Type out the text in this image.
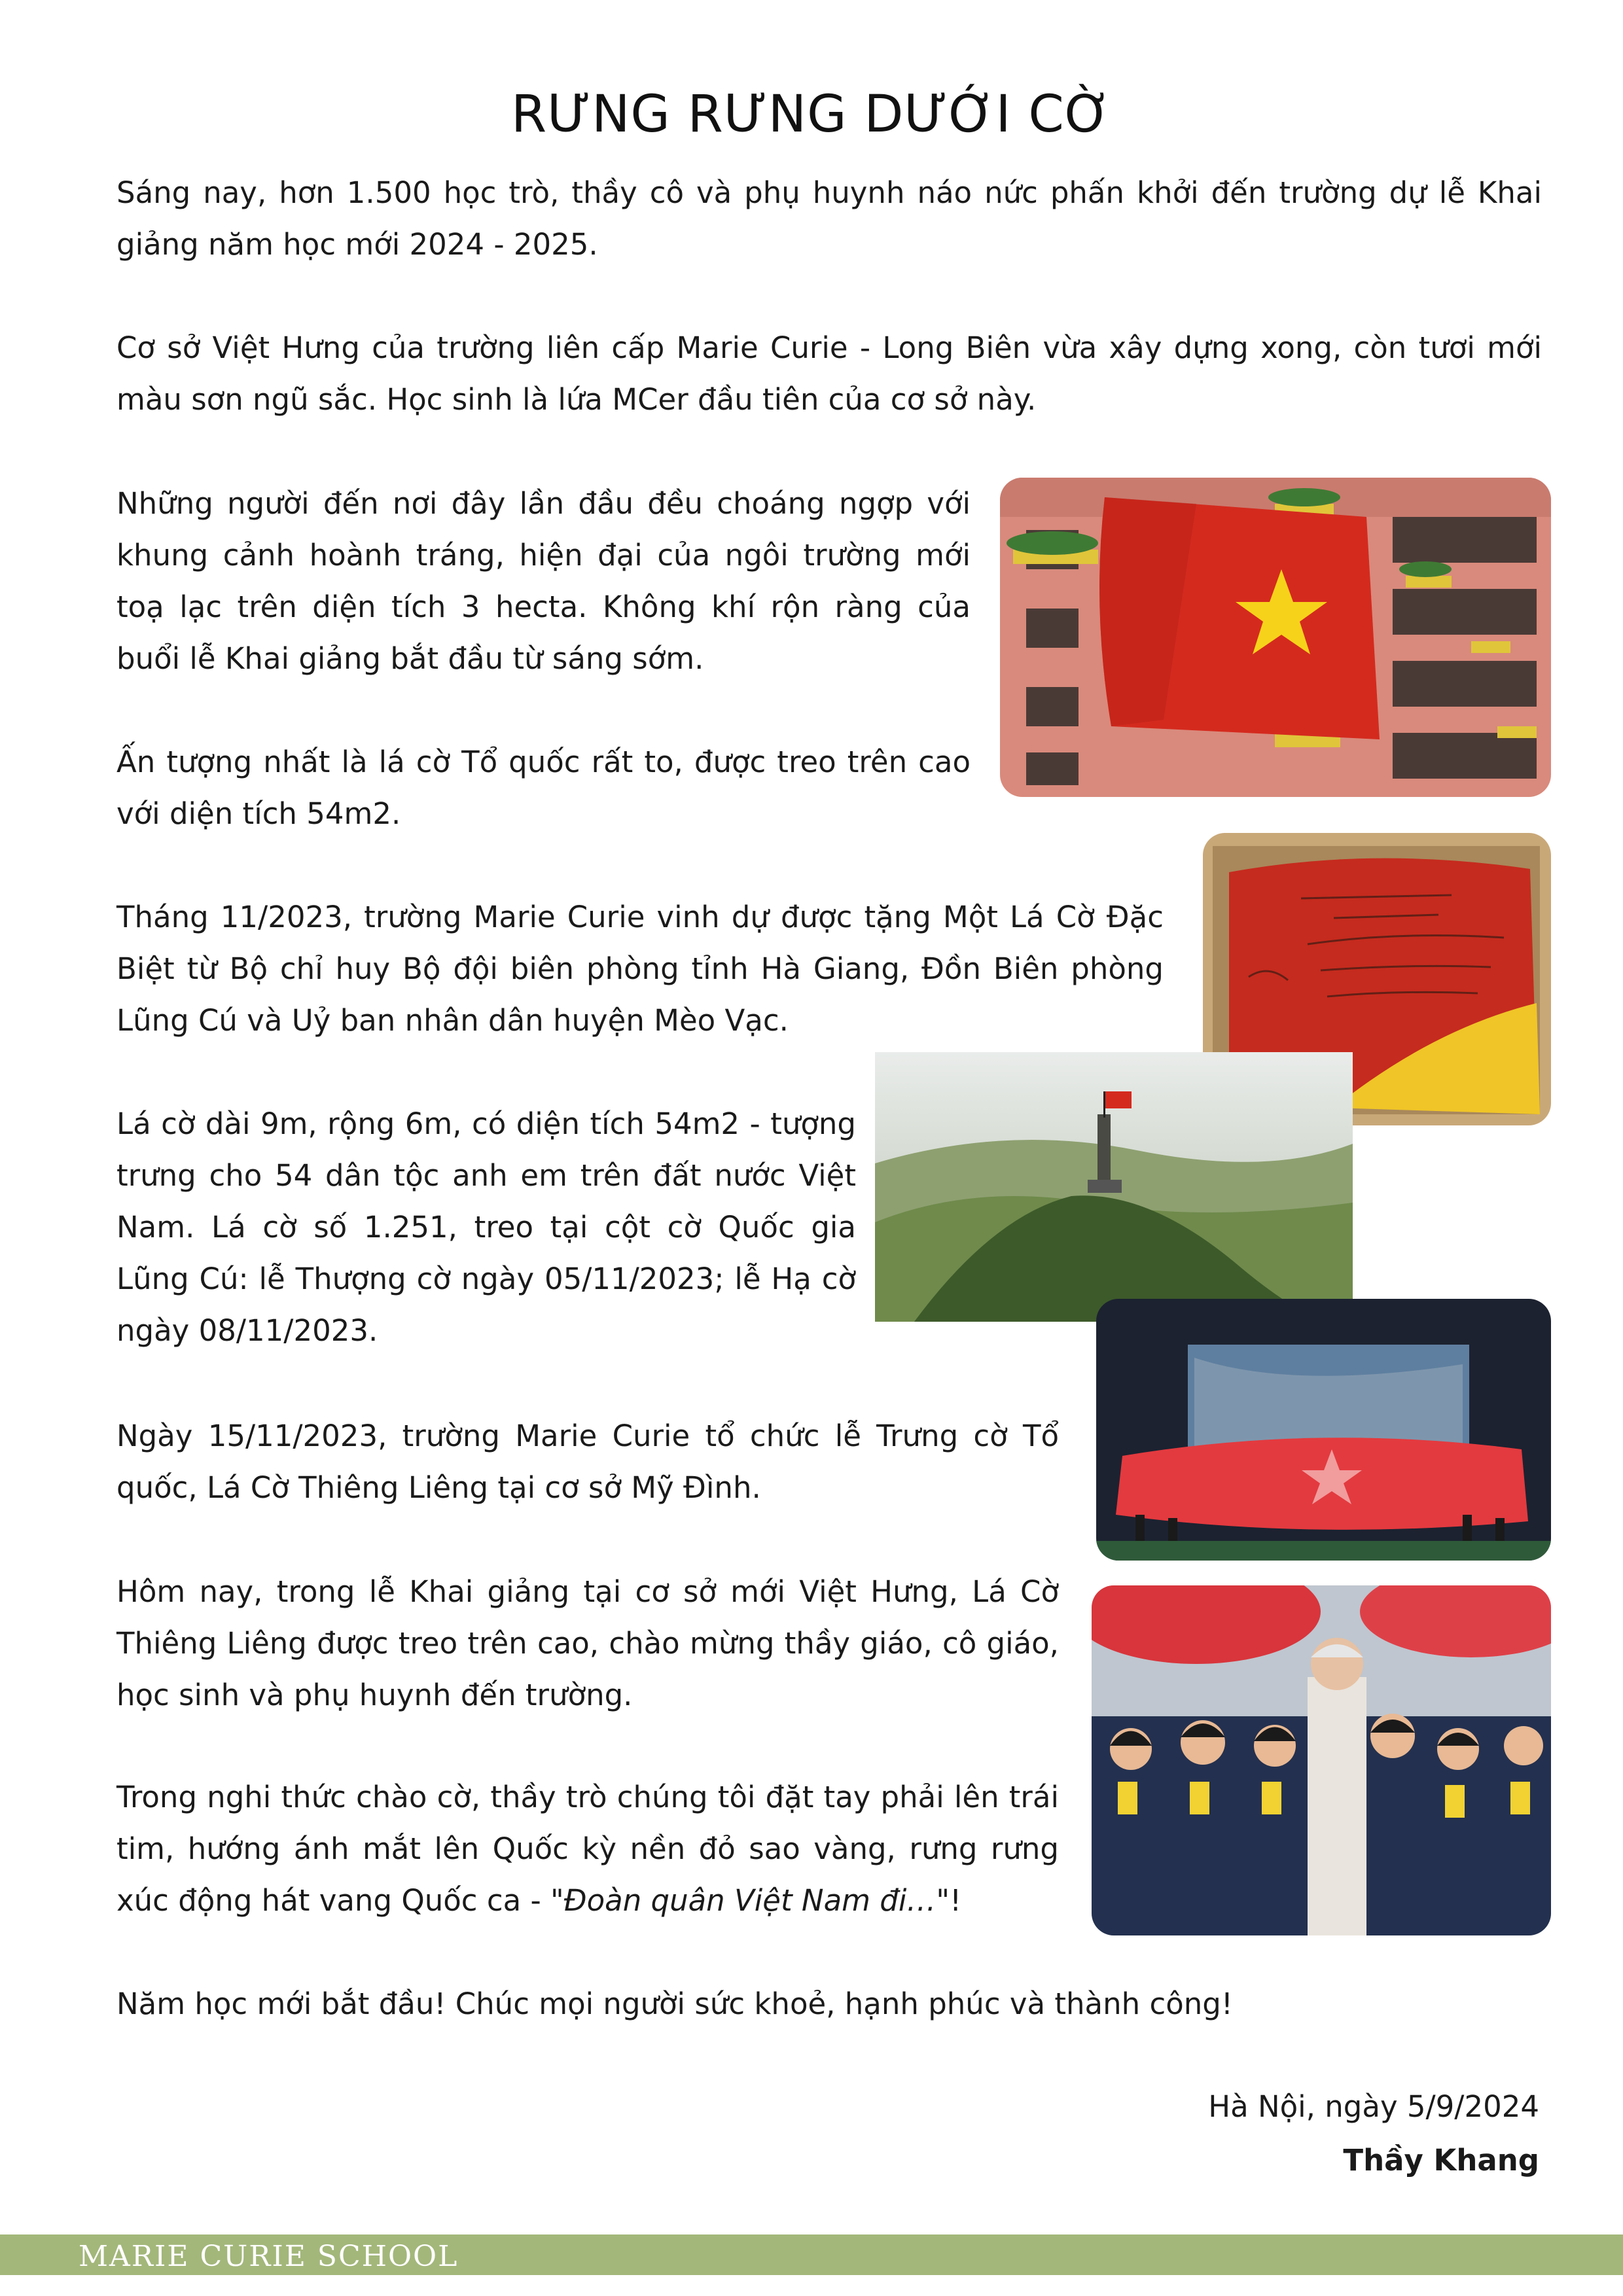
RƯNG RƯNG DƯỚI CỜ

Sáng nay, hơn 1.500 học trò, thầy cô và phụ huynh náo nức phấn khởi đến trường dự lễ Khai giảng năm học mới 2024 - 2025.

Cơ sở Việt Hưng của trường liên cấp Marie Curie - Long Biên vừa xây dựng xong, còn tươi mới màu sơn ngũ sắc. Học sinh là lứa MCer đầu tiên của cơ sở này.

Những người đến nơi đây lần đầu đều choáng ngợp với khung cảnh hoành tráng, hiện đại của ngôi trường mới toạ lạc trên diện tích 3 hecta. Không khí rộn ràng của buổi lễ Khai giảng bắt đầu từ sáng sớm.

Ấn tượng nhất là lá cờ Tổ quốc rất to, được treo trên cao với diện tích 54m2.

Tháng 11/2023, trường Marie Curie vinh dự được tặng Một Lá Cờ Đặc Biệt từ Bộ chỉ huy Bộ đội biên phòng tỉnh Hà Giang, Đồn Biên phòng Lũng Cú và Uỷ ban nhân dân huyện Mèo Vạc.

Lá cờ dài 9m, rộng 6m, có diện tích 54m2 - tượng trưng cho 54 dân tộc anh em trên đất nước Việt Nam. Lá cờ số 1.251, treo tại cột cờ Quốc gia Lũng Cú: lễ Thượng cờ ngày 05/11/2023; lễ Hạ cờ ngày 08/11/2023.

Ngày 15/11/2023, trường Marie Curie tổ chức lễ Trưng cờ Tổ quốc, Lá Cờ Thiêng Liêng tại cơ sở Mỹ Đình.

Hôm nay, trong lễ Khai giảng tại cơ sở mới Việt Hưng, Lá Cờ Thiêng Liêng được treo trên cao, chào mừng thầy giáo, cô giáo, học sinh và phụ huynh đến trường.

Trong nghi thức chào cờ, thầy trò chúng tôi đặt tay phải lên trái tim, hướng ánh mắt lên Quốc kỳ nền đỏ sao vàng, rưng rưng xúc động hát vang Quốc ca - "Đoàn quân Việt Nam đi…"!

Năm học mới bắt đầu! Chúc mọi người sức khoẻ, hạnh phúc và thành công!

Hà Nội, ngày 5/9/2024
Thầy Khang
MARIE CURIE SCHOOL
